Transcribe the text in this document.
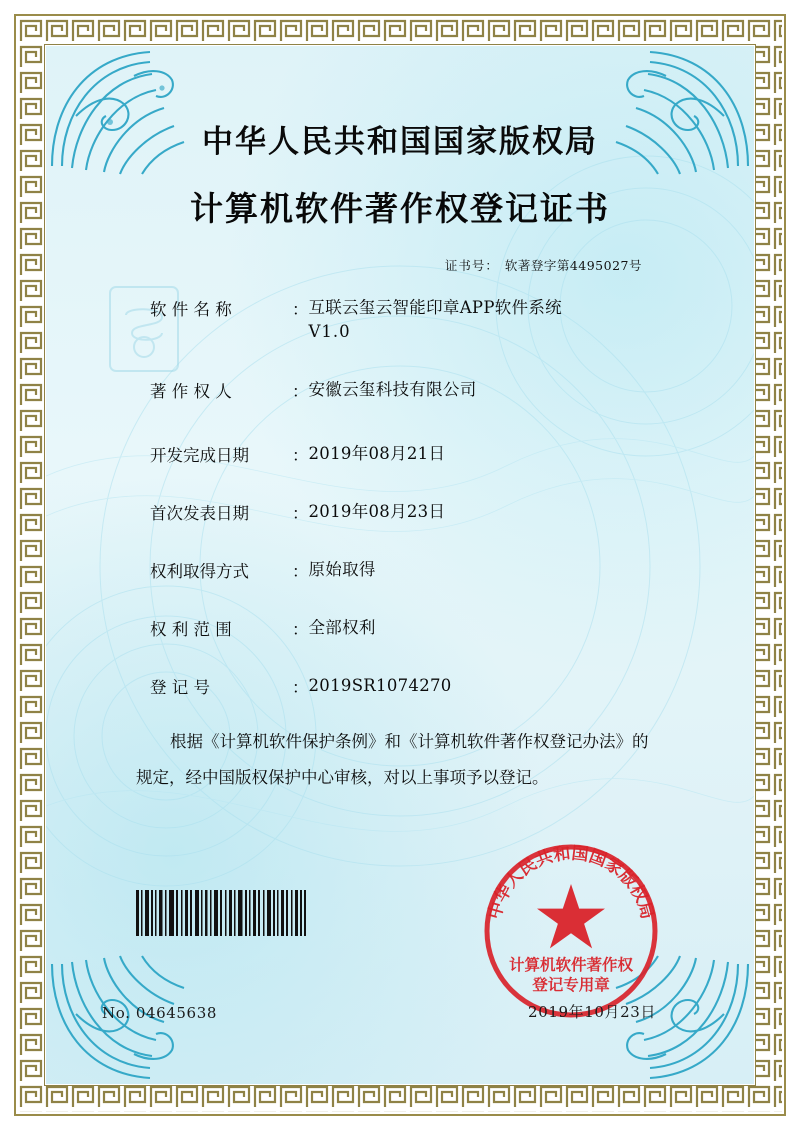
中华人民共和国国家版权局
计算机软件著作权登记证书
证书号： 软著登字第4495027号
软 件 名 称	： 互联云玺云智能印章APP软件系统
V1.0
著 作 权 人	： 安徽云玺科技有限公司
开发完成日期	： 2019年08月21日
首次发表日期	： 2019年08月23日
权利取得方式	： 原始取得
权 利 范 围	： 全部权利
登 记 号	： 2019SR1074270

根据《计算机软件保护条例》和《计算机软件著作权登记办法》的

规定，经中国版权保护中心审核，对以上事项予以登记。

中华人民共和国国家版权局
计算机软件著作权
登记专用章
No. 04645638	2019年10月23日
